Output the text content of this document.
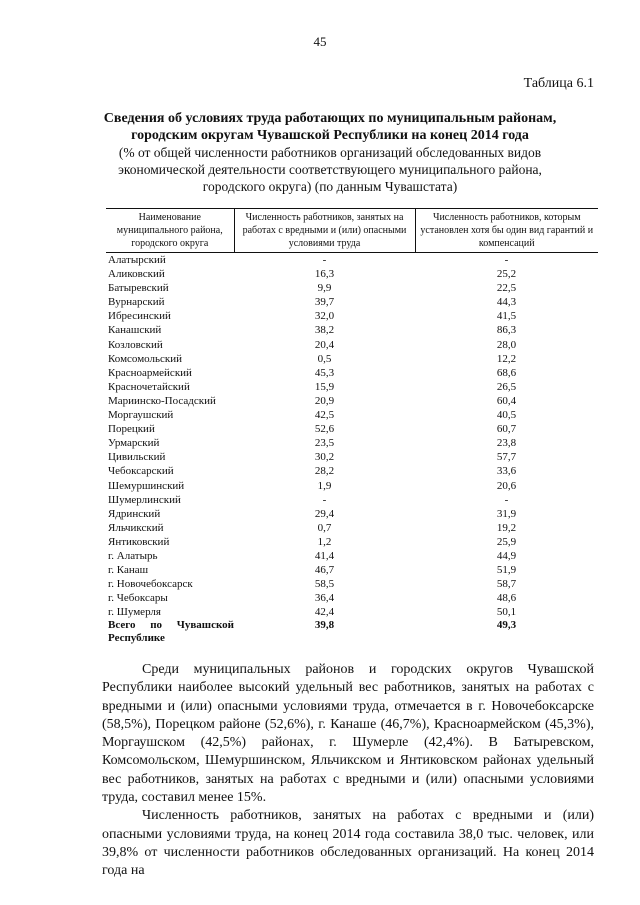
45
Таблица 6.1

Сведения об условиях труда работающих по муниципальным районам, городским округам Чувашской Республики на конец 2014 года

(% от общей численности работников организаций обследованных видов экономической деятельности соответствующего муниципального района, городского округа) (по данным Чувашстата)

Наименование муниципального района, городского округа	Численность работников, занятых на работах с вредными и (или) опасными условиями труда	Численность работников, которым установлен хотя бы один вид гарантий и компенсаций
Алатырский	-	-
Аликовский	16,3	25,2
Батыревский	9,9	22,5
Вурнарский	39,7	44,3
Ибресинский	32,0	41,5
Канашский	38,2	86,3
Козловский	20,4	28,0
Комсомольский	0,5	12,2
Красноармейский	45,3	68,6
Красночетайский	15,9	26,5
Мариинско-Посадский	20,9	60,4
Моргаушский	42,5	40,5
Порецкий	52,6	60,7
Урмарский	23,5	23,8
Цивильский	30,2	57,7
Чебоксарский	28,2	33,6
Шемуршинский	1,9	20,6
Шумерлинский	-	-
Ядринский	29,4	31,9
Яльчикский	0,7	19,2
Янтиковский	1,2	25,9
г. Алатырь	41,4	44,9
г. Канаш	46,7	51,9
г. Новочебоксарск	58,5	58,7
г. Чебоксары	36,4	48,6
г. Шумерля	42,4	50,1
Всего по Чувашской Республике	39,8	49,3

Среди муниципальных районов и городских округов Чувашской Республики наиболее высокий удельный вес работников, занятых на работах с вредными и (или) опасными условиями труда, отмечается в г. Новочебоксарске (58,5%), Порецком районе (52,6%), г. Канаше (46,7%), Красноармейском (45,3%), Моргаушском (42,5%) районах, г. Шумерле (42,4%). В Батыревском, Комсомольском, Шемуршинском, Яльчикском и Янтиковском районах удельный вес работников, занятых на работах с вредными и (или) опасными условиями труда, составил менее 15%.

Численность работников, занятых на работах с вредными и (или) опасными условиями труда, на конец 2014 года составила 38,0 тыс. человек, или 39,8% от численности работников обследованных организаций. На конец 2014 года на
